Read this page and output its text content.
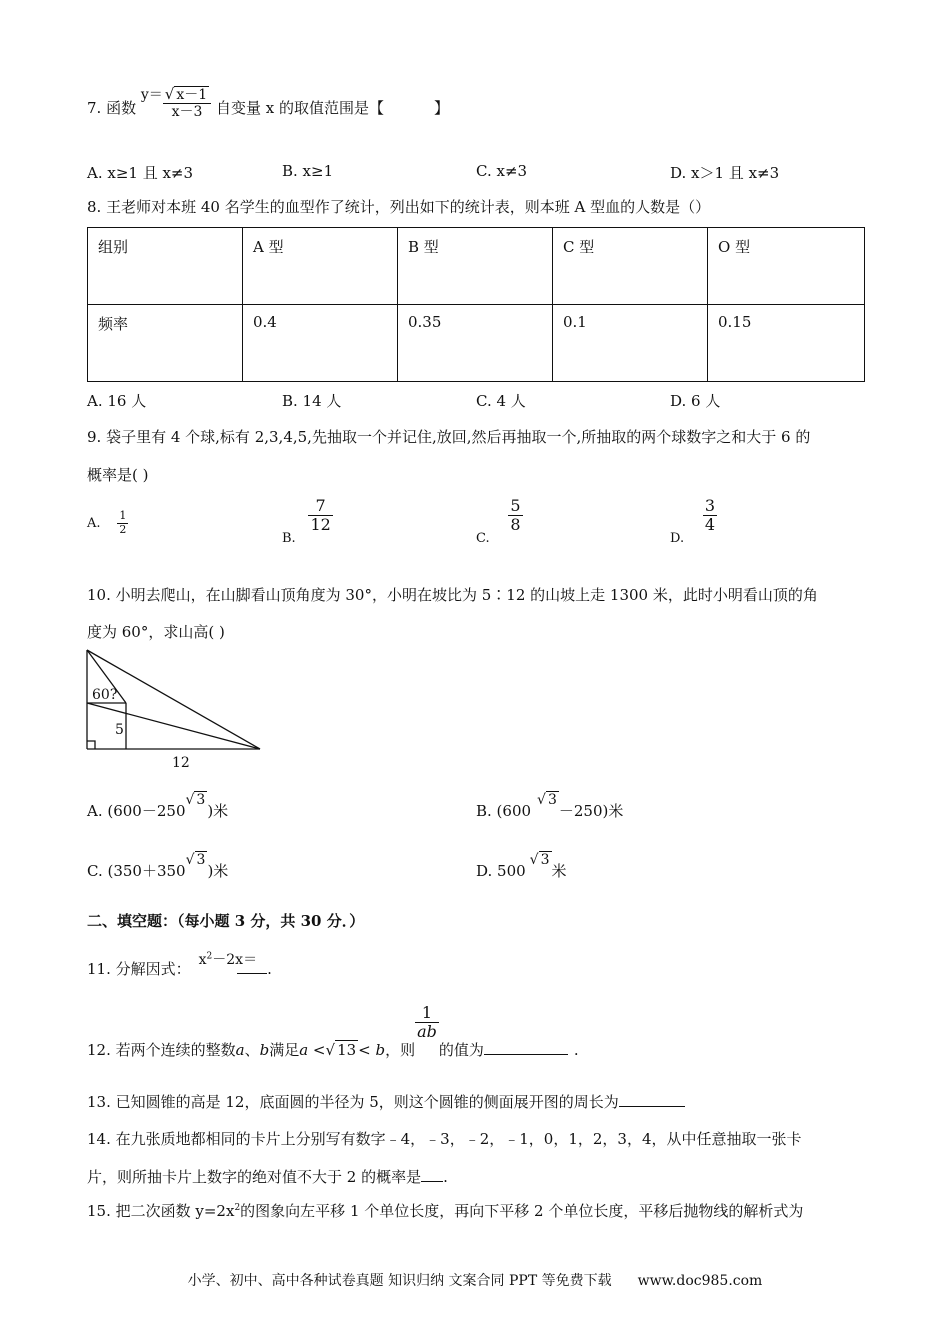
7. 函数 $y= \frac{√ x-1}{x-3}$ 自变量 x 的取值范围是【	】
A. x≥1 且 x≠3	B. x≥1	C. x≠3	D. x＞1 且 x≠3
8. 王老师对本班 40 名学生的血型作了统计，列出如下的统计表，则本班 A 型血的人数是（）
组别	A 型	B 型	C 型	O 型
频率	0.4	0.35	0.1	0.15
A. 16 人	B. 14 人	C. 4 人	D. 6 人
9. 袋子里有 4 个球,标有 2,3,4,5,先抽取一个并记住,放回,然后再抽取一个,所抽取的两个球数字之和大于 6 的
概率是( )
A. $\frac{1}{2}$
B.
$\frac{7}{12}$
C.
$\frac{5}{8}$
D.
$\frac{3}{4}$
10. 小明去爬山，在山脚看山顶角度为 30°，小明在坡比为 5∶12 的山坡上走 1300 米，此时小明看山顶的角
度为 60°，求山高( )
60?
5
12
A. (600－250√ 3)米	B. (600√ 3－250)米
C. (350＋350√ 3)米	D. 500√ 3米
二、填空题：（每小题 3 分，共 30 分．）
11. 分解因式： $x^2-2x=$ .
12. 若两个连续的整数a、b满足a <√ 13 < b，则
$\frac{1}{ab}$
的值为	.
13. 已知圆锥的高是 12，底面圆的半径为 5，则这个圆锥的侧面展开图的周长为
14. 在九张质地都相同的卡片上分别写有数字﹣4，﹣3，﹣2，﹣1，0，1，2，3，4，从中任意抽取一张卡
片，则所抽卡片上数字的绝对值不大于 2 的概率是 .
15. 把二次函数 $y=2x^2$的图象向左平移 1 个单位长度，再向下平移 2 个单位长度，平移后抛物线的解析式为
小学、初中、高中各种试卷真题 知识归纳 文案合同 PPT 等免费下载 www.doc985.com
